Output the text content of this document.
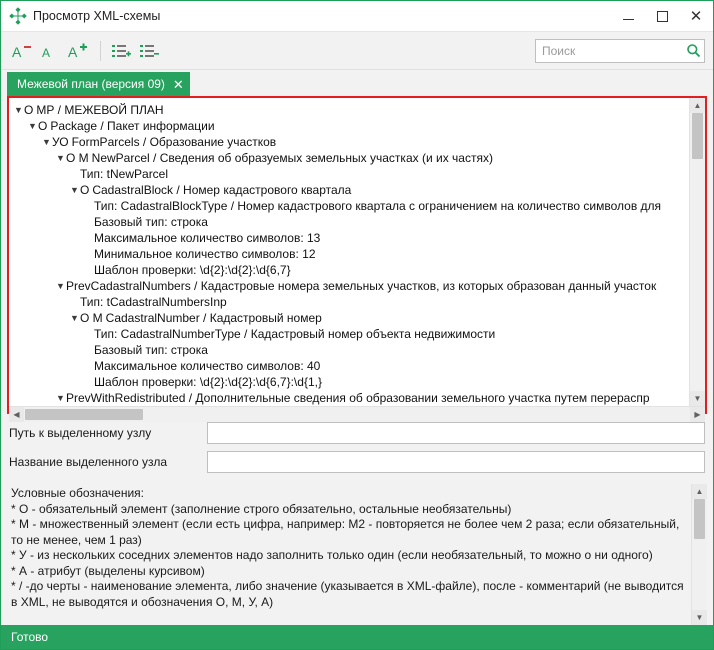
Просмотр XML-схемы	✕
A A A
Поиск
Межевой план (версия 09) ✕
▼ О МР / МЕЖЕВОЙ ПЛАН
▼ О Package / Пакет информации
▼ УО FormParcels / Образование участков
▼ О М NewParcel / Сведения об образуемых земельных участках (и их частях)
Тип: tNewParcel
▼ О CadastralBlock / Номер кадастрового квартала
Тип: CadastralBlockType / Номер кадастрового квартала с ограничением на количество символов для
Базовый тип: строка
Максимальное количество символов: 13
Минимальное количество символов: 12
Шаблон проверки: \d{2}:\d{2}:\d{6,7}
▼ PrevCadastralNumbers / Кадастровые номера земельных участков, из которых образован данный участок
Тип: tCadastralNumbersInp
▼ О М CadastralNumber / Кадастровый номер
Тип: CadastralNumberType / Кадастровый номер объекта недвижимости
Базовый тип: строка
Максимальное количество символов: 40
Шаблон проверки: \d{2}:\d{2}:\d{6,7}:\d{1,}
▼ PrevWithRedistributed / Дополнительные сведения об образовании земельного участка путем перераспр
▲
▼
◀	▶
Путь к выделенному узлу
Название выделенного узла

Условные обозначения:

* О - обязательный элемент (заполнение строго обязательно, остальные необязательны)

* М - множественный элемент (если есть цифра, например: М2 - повторяется не более чем 2 раза; если обязательный, то не менее, чем 1 раз)

* У - из нескольких соседних элементов надо заполнить только один (если необязательный, то можно о ни одного)

* А - атрибут (выделены курсивом)

* / -до черты - наименование элемента, либо значение (указывается в XML-файле), после - комментарий (не выводится в XML, не выводятся и обозначения О, М, У, А)

▲
▼
Готово
